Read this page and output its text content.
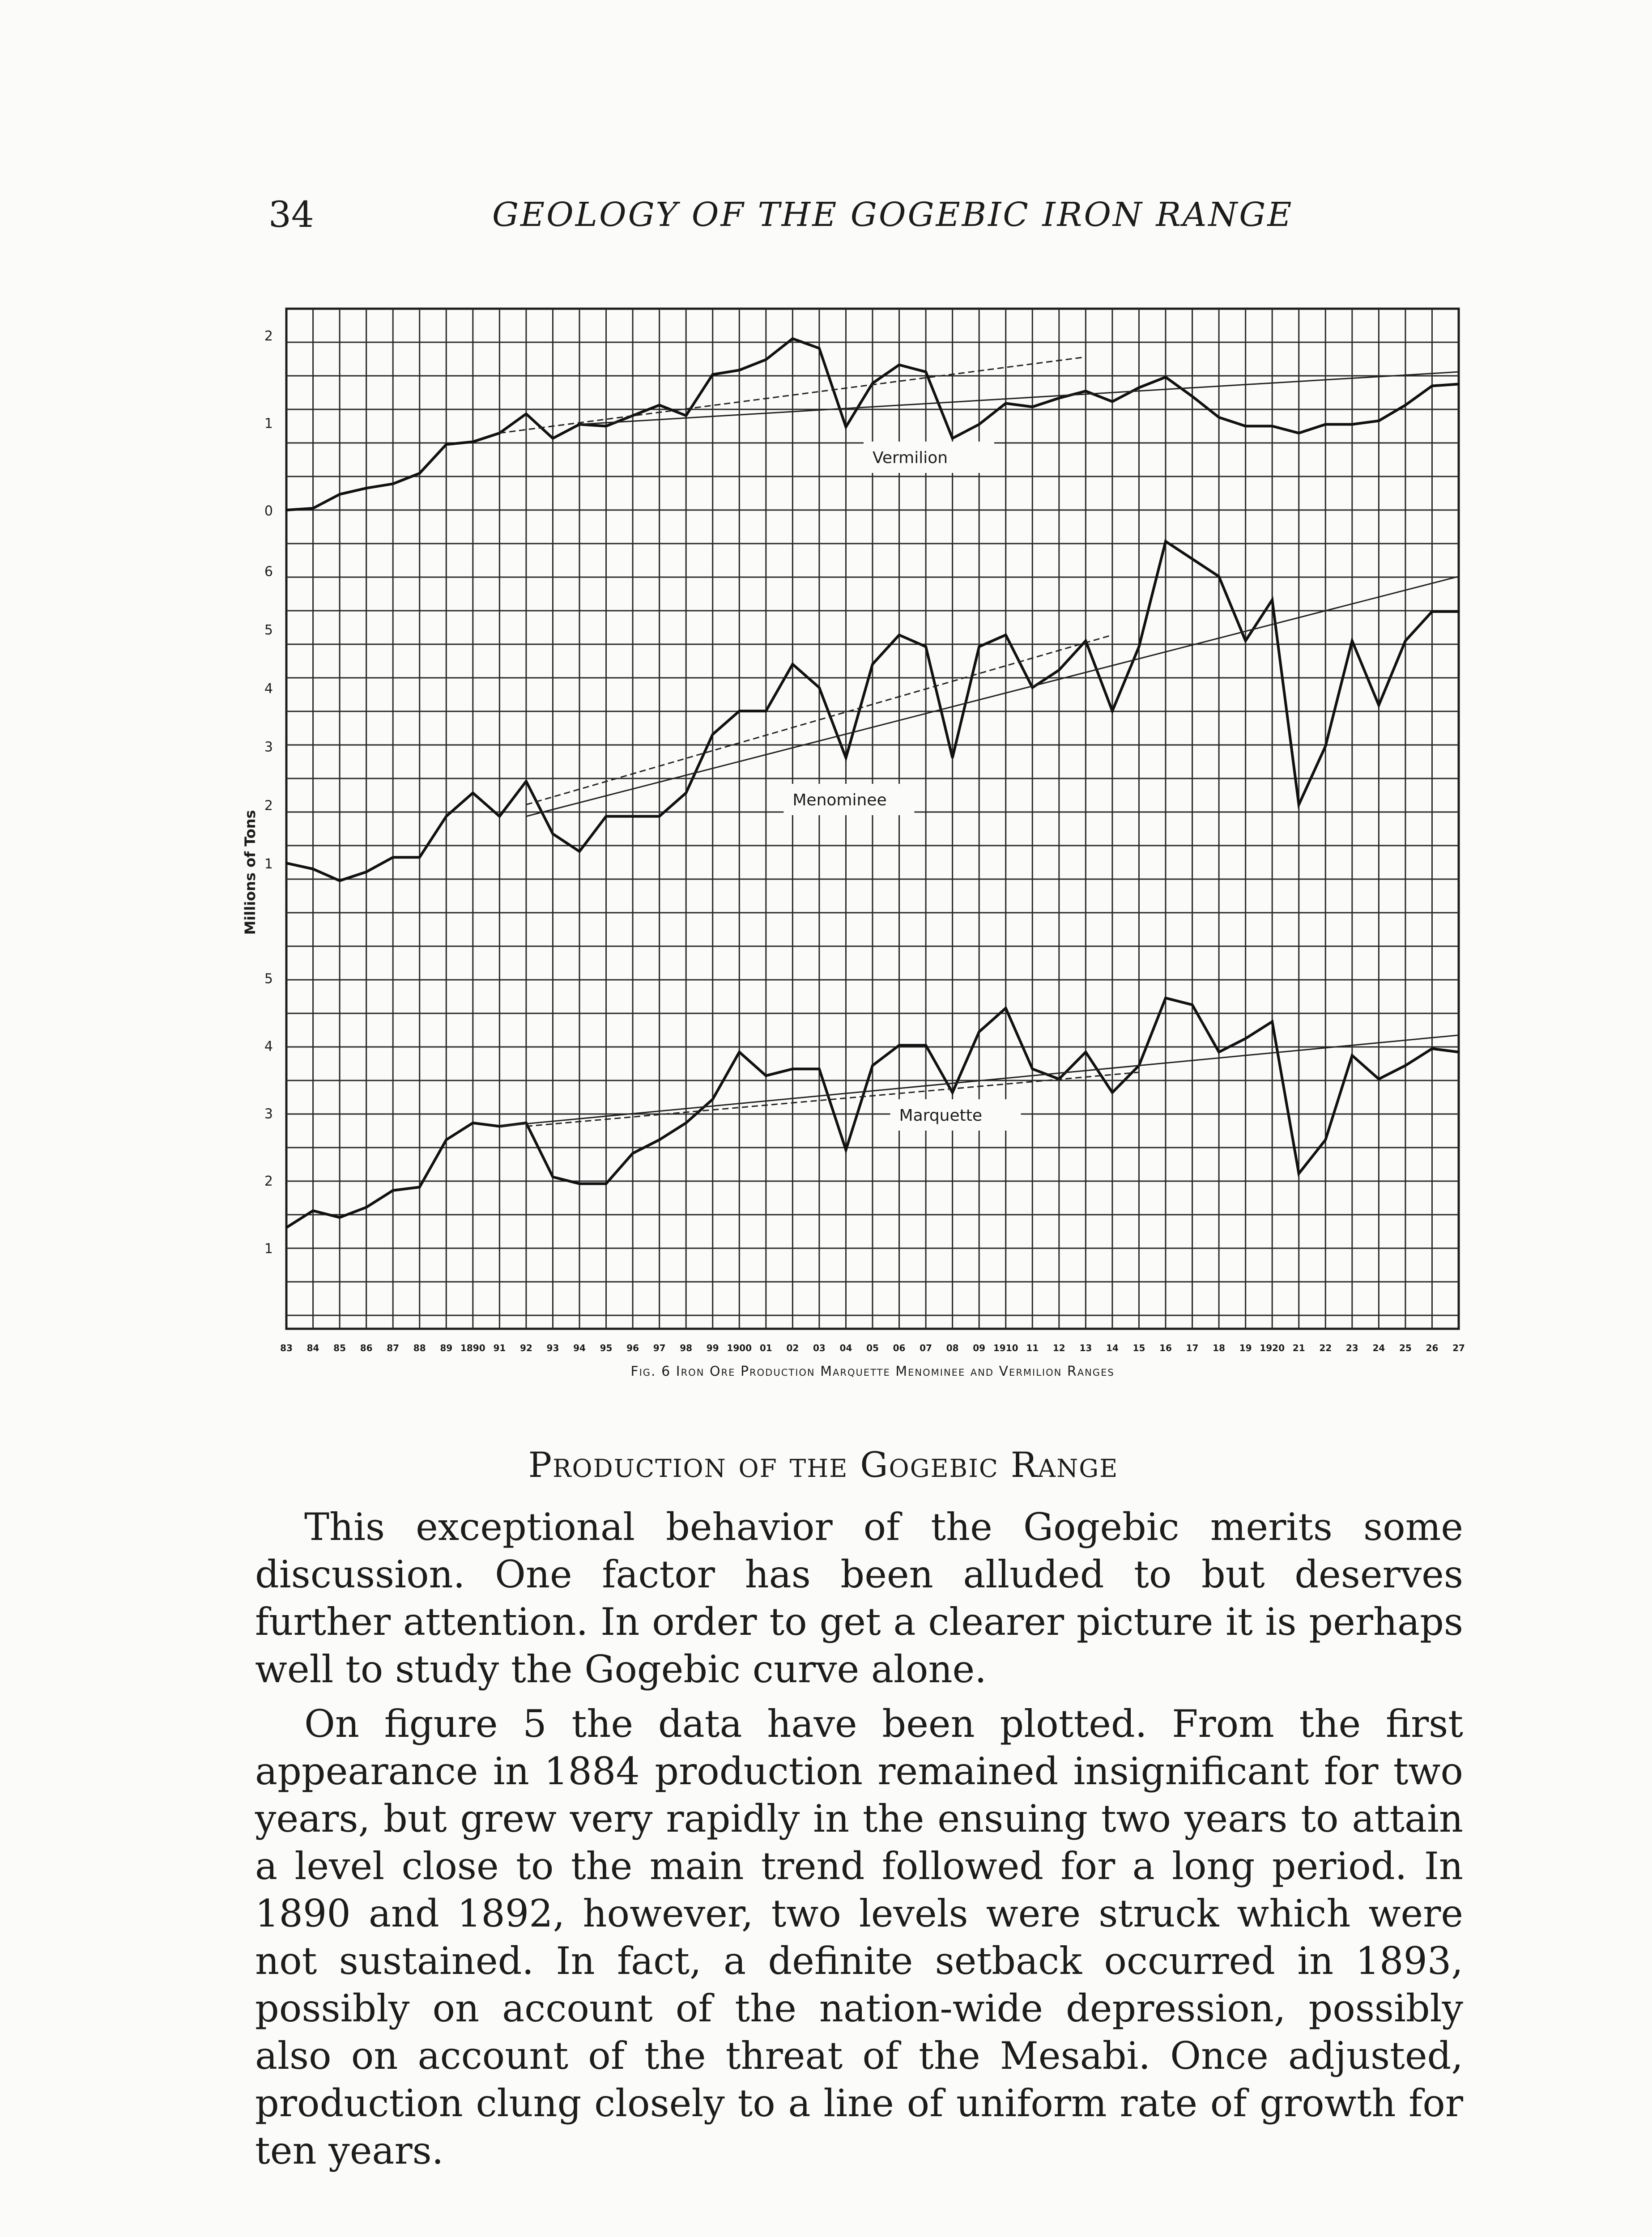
34	GEOLOGY OF THE GOGEBIC IRON RANGE
2
1
0
Vermilion
6
5
4
3
2
1
Menominee
5
4
3
2
1
Marquette
Millions of Tons
83 84 85 86 87 88 89 1890 91 92 93 94 95 96 97 98 99 1900 01 02 03 04 05 06 07 08 09 1910 11 12 13 14 15 16 17 18 19 1920 21 22 23 24 25 26 27
Fig. 6 Iron Ore Production Marquette Menominee and Vermilion Ranges
Production of the Gogebic Range

This exceptional behavior of the Gogebic merits some discussion. One factor has been alluded to but deserves further attention. In order to get a clearer picture it is perhaps well to study the Gogebic curve alone.

On figure 5 the data have been plotted. From the first appearance in 1884 production remained insignificant for two years, but grew very rapidly in the ensuing two years to attain a level close to the main trend followed for a long period. In 1890 and 1892, however, two levels were struck which were not sustained. In fact, a definite setback occurred in 1893, possibly on account of the nation-wide depression, possibly also on account of the threat of the Mesabi. Once adjusted, production clung closely to a line of uniform rate of growth for ten years.
